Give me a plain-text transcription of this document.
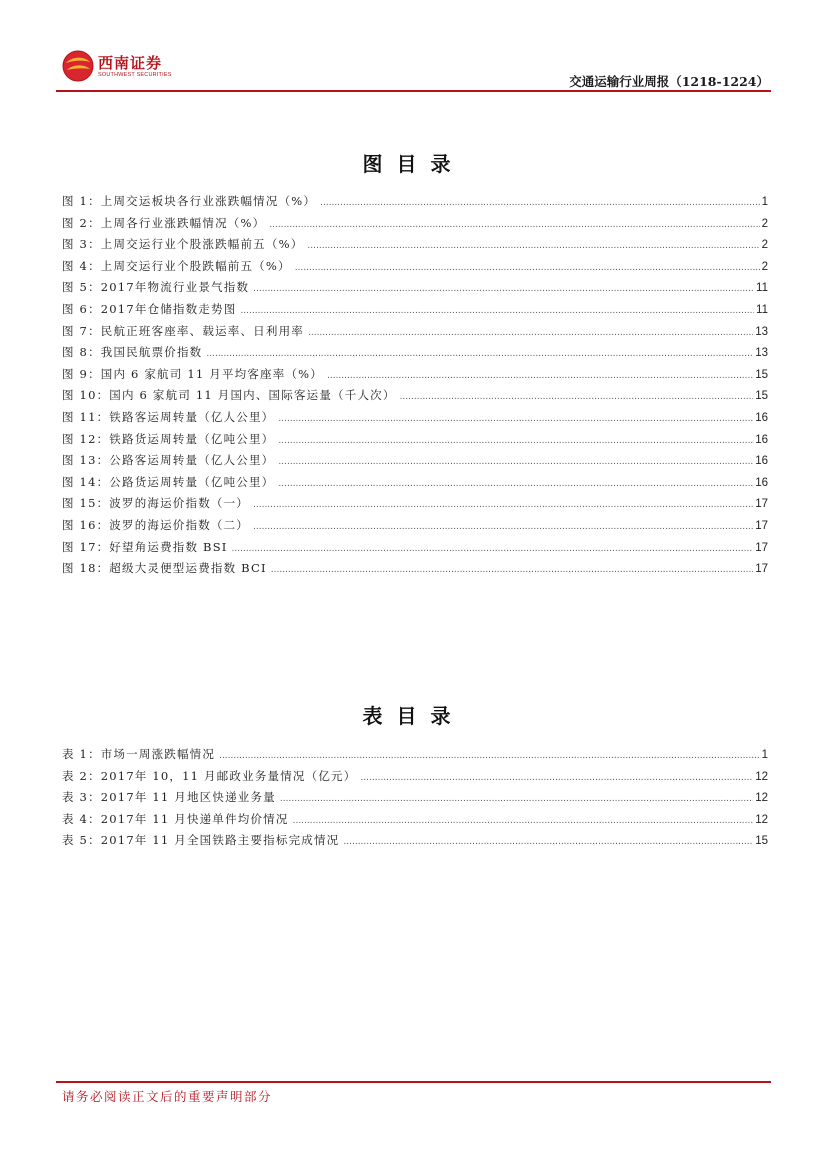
西南证券
SOUTHWEST SECURITIES	交通运输行业周报（1218-1224）
图目录
图 1：上周交运板块各行业涨跌幅情况（%） .....	1
图 2：上周各行业涨跌幅情况（%） .....	2
图 3：上周交运行业个股涨跌幅前五（%） .....	2
图 4：上周交运行业个股跌幅前五（%） .....	2
图 5：2017年物流行业景气指数 .....	11
图 6：2017年仓储指数走势图 .....	11
图 7：民航正班客座率、载运率、日利用率 .....	13
图 8：我国民航票价指数 .....	13
图 9：国内 6 家航司 11 月平均客座率（%） .....	15
图 10：国内 6 家航司 11 月国内、国际客运量（千人次） .....	15
图 11：铁路客运周转量（亿人公里） .....	16
图 12：铁路货运周转量（亿吨公里） .....	16
图 13：公路客运周转量（亿人公里） .....	16
图 14：公路货运周转量（亿吨公里） .....	16
图 15：波罗的海运价指数（一） .....	17
图 16：波罗的海运价指数（二） .....	17
图 17：好望角运费指数 BSI .....	17
图 18：超级大灵便型运费指数 BCI .....	17
表目录
表 1：市场一周涨跌幅情况 .....	1
表 2：2017年 10，11 月邮政业务量情况（亿元） .....	12
表 3：2017年 11 月地区快递业务量 .....	12
表 4：2017年 11 月快递单件均价情况 .....	12
表 5：2017年 11 月全国铁路主要指标完成情况 .....	15
请务必阅读正文后的重要声明部分
